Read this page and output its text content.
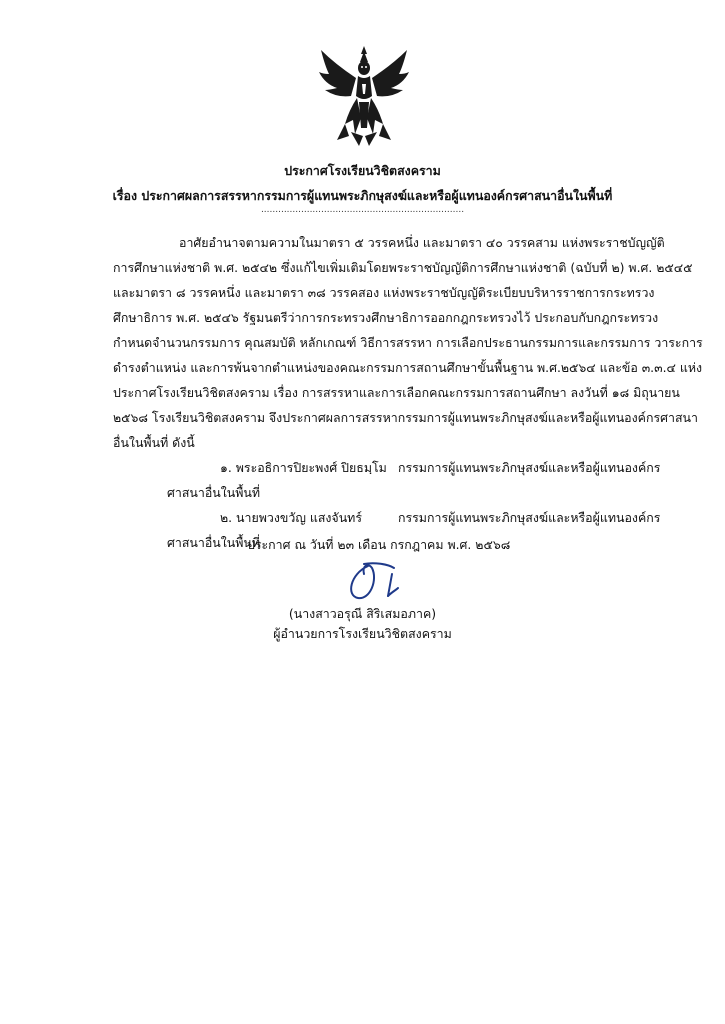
ประกาศโรงเรียนวิชิตสงคราม
เรื่อง ประกาศผลการสรรหากรรมการผู้แทนพระภิกษุสงฆ์และหรือผู้แทนองค์กรศาสนาอื่นในพื้นที่
.......................................................................
อาศัยอำนาจตามความในมาตรา ๕ วรรคหนึ่ง และมาตรา ๔๐ วรรคสาม แห่งพระราชบัญญัติ
การศึกษาแห่งชาติ พ.ศ. ๒๕๔๒ ซึ่งแก้ไขเพิ่มเติมโดยพระราชบัญญัติการศึกษาแห่งชาติ (ฉบับที่ ๒) พ.ศ. ๒๕๔๕
และมาตรา ๘ วรรคหนึ่ง และมาตรา ๓๘ วรรคสอง แห่งพระราชบัญญัติระเบียบบริหารราชการกระทรวง
ศึกษาธิการ พ.ศ. ๒๕๔๖ รัฐมนตรีว่าการกระทรวงศึกษาธิการออกกฎกระทรวงไว้ ประกอบกับกฎกระทรวง
กำหนดจำนวนกรรมการ คุณสมบัติ หลักเกณฑ์ วิธีการสรรหา การเลือกประธานกรรมการและกรรมการ วาระการ
ดำรงตำแหน่ง และการพ้นจากตำแหน่งของคณะกรรมการสถานศึกษาขั้นพื้นฐาน พ.ศ.๒๕๖๔ และข้อ ๓.๓.๔ แห่ง
ประกาศโรงเรียนวิชิตสงคราม เรื่อง การสรรหาและการเลือกคณะกรรมการสถานศึกษา ลงวันที่ ๑๘ มิถุนายน
๒๕๖๘ โรงเรียนวิชิตสงคราม จึงประกาศผลการสรรหากรรมการผู้แทนพระภิกษุสงฆ์และหรือผู้แทนองค์กรศาสนา
อื่นในพื้นที่ ดังนี้
๑. พระอธิการปิยะพงศ์ ปิยธมฺโม กรรมการผู้แทนพระภิกษุสงฆ์และหรือผู้แทนองค์กร
ศาสนาอื่นในพื้นที่
๒. นายพวงขวัญ แสงจันทร์	กรรมการผู้แทนพระภิกษุสงฆ์และหรือผู้แทนองค์กร
ศาสนาอื่นในพื้นที่
ประกาศ ณ วันที่ ๒๓ เดือน กรกฎาคม พ.ศ. ๒๕๖๘
(นางสาวอรุณี สิริเสมอภาค)
ผู้อำนวยการโรงเรียนวิชิตสงคราม
